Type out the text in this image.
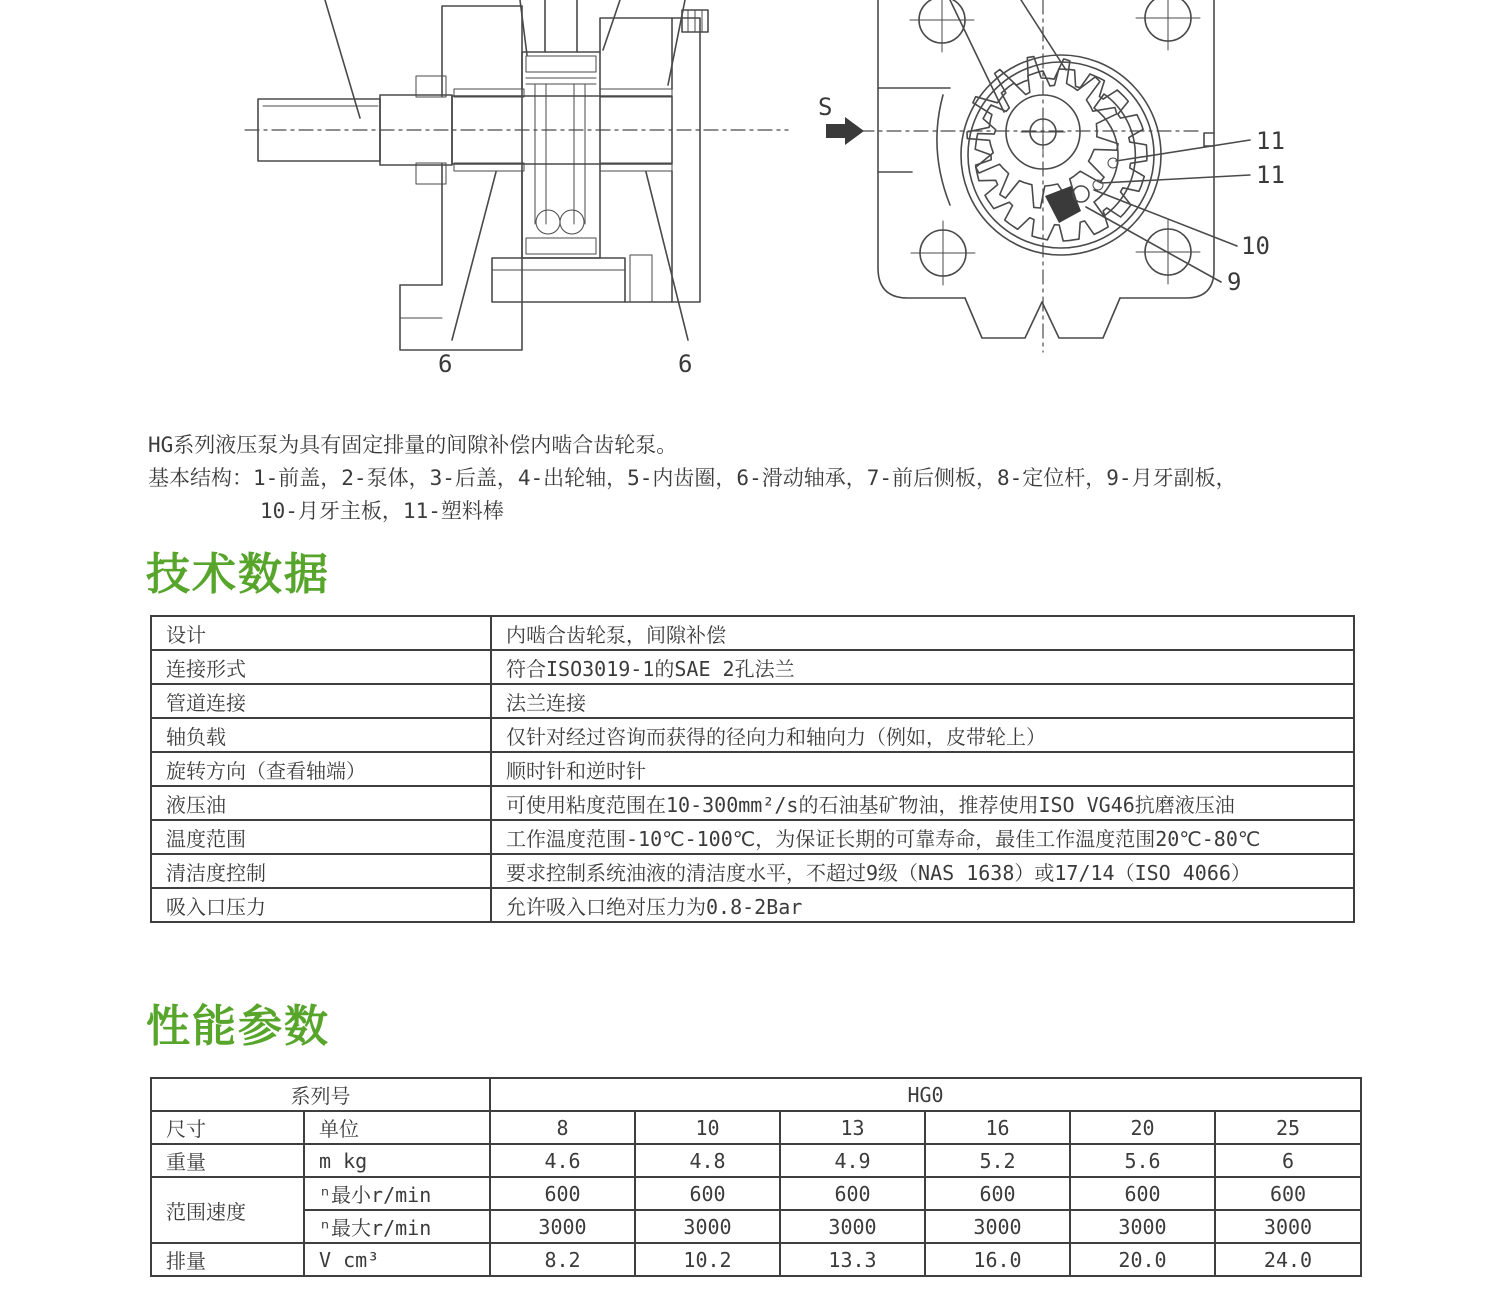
6	6
S
11
11
10
9

HG系列液压泵为具有固定排量的间隙补偿内啮合齿轮泵。

基本结构：1-前盖，2-泵体，3-后盖，4-出轮轴，5-内齿圈，6-滑动轴承，7-前后侧板，8-定位杆，9-月牙副板，
10-月牙主板，11-塑料棒
技术数据
设计	内啮合齿轮泵，间隙补偿
连接形式	符合ISO3019-1的SAE 2孔法兰
管道连接	法兰连接
轴负载	仅针对经过咨询而获得的径向力和轴向力（例如，皮带轮上）
旋转方向（查看轴端）	顺时针和逆时针
液压油	可使用粘度范围在10-300mm²/s的石油基矿物油，推荐使用ISO VG46抗磨液压油
温度范围	工作温度范围-10℃-100℃，为保证长期的可靠寿命，最佳工作温度范围20℃-80℃
清洁度控制	要求控制系统油液的清洁度水平，不超过9级（NAS 1638）或17/14（ISO 4066）
吸入口压力	允许吸入口绝对压力为0.8-2Bar
性能参数
系列号		HG0					
尺寸	单位	8	10	13	16	20	25
重量	m kg	4.6	4.8	4.9	5.2	5.6	6
范围速度	ⁿ最小r/min	600	600	600	600	600	600
	ⁿ最大r/min	3000	3000	3000	3000	3000	3000
排量	V cm³	8.2	10.2	13.3	16.0	20.0	24.0
